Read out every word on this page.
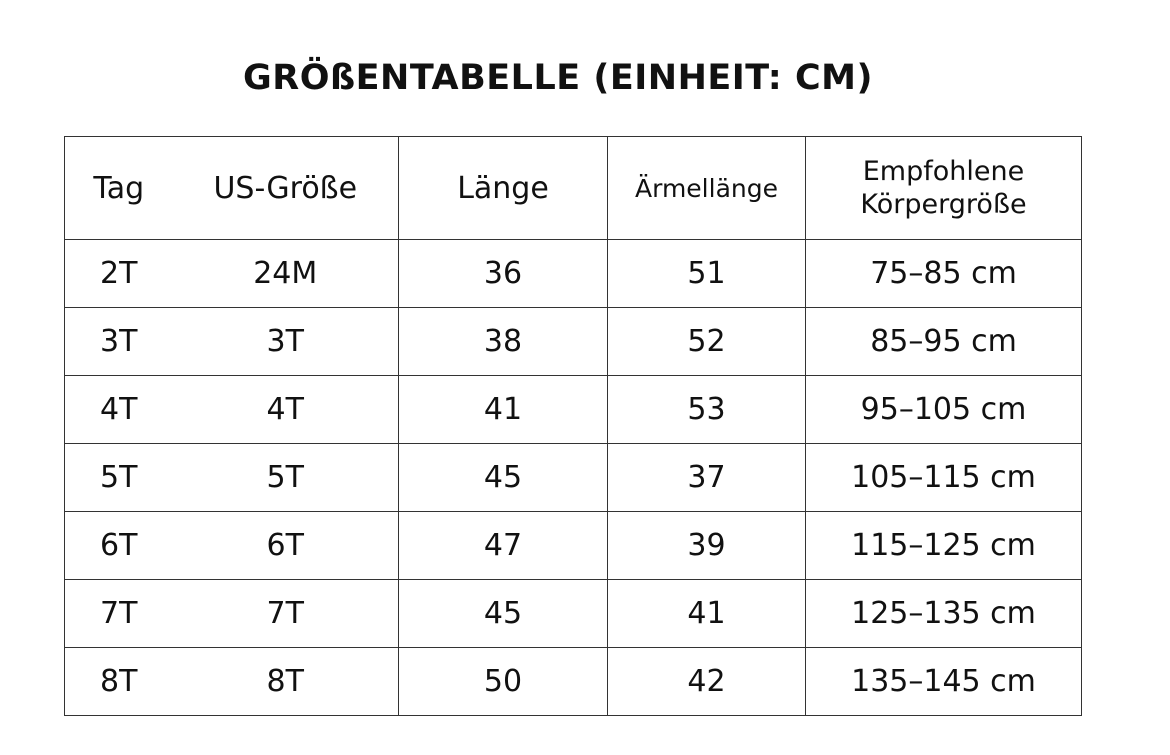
GRÖßENTABELLE (EINHEIT: CM)
Tag	US-Größe	Länge	Ärmellänge	Empfohlene
Körpergröße

2T	24M	36	51	75–85 cm
3T	3T	38	52	85–95 cm
4T	4T	41	53	95–105 cm
5T	5T	45	37	105–115 cm
6T	6T	47	39	115–125 cm
7T	7T	45	41	125–135 cm
8T	8T	50	42	135–145 cm
